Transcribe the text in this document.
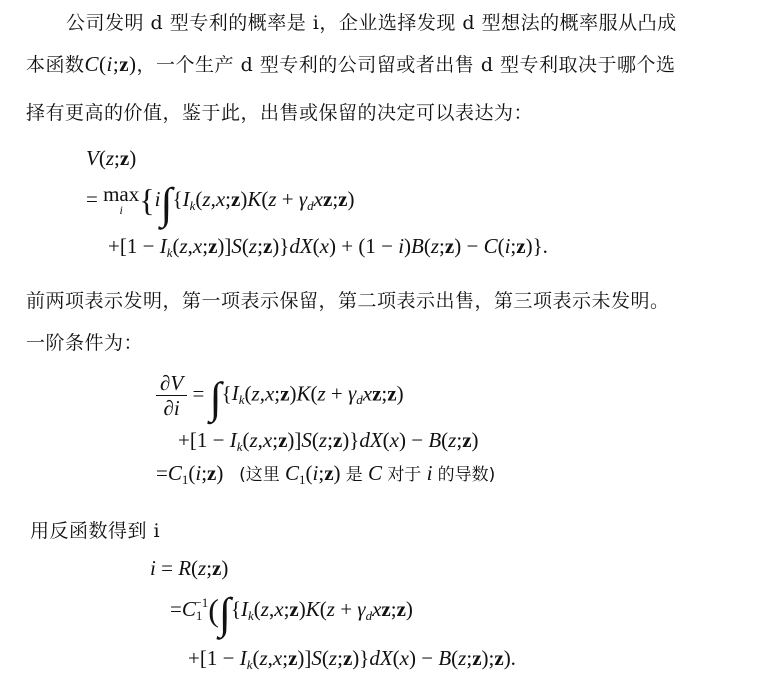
公司发明 d 型专利的概率是 i，企业选择发现 d 型想法的概率服从凸成
本函数C(i;z)，一个生产 d 型专利的公司留或者出售 d 型专利取决于哪个选
择有更高的价值，鉴于此，出售或保留的决定可以表达为：
V(z;z)
= max
i {$i\int\{I_k(z,x;z)K(z$ + $\gamma_dxz;z$)
$+[1 - I_k(z,x;z)]S(z;z)\}dX(x) + (1$ − i)B(z;z) − C(i;z)}.
前两项表示发明，第一项表示保留，第二项表示出售，第三项表示未发明。
一阶条件为：
$\frac{\partial V}{\partial i}$ = $\int\{I_k(z,x;z)K(z$ + $\gamma_dxz;z$)
$+[1 - I_k(z,x;z)]S(z;z)\}dX(x)$ − B(z;z)
$=C_1(i;z)$   (这里 $C_1(i;z)$ 是 C 对于 i 的导数)
用反函数得到 i
i = R(z;z)
$=C_1^{-1}(\int\{I_k(z,x;z)K(z$ + $\gamma_dxz;z$)
$+[1 - I_k(z,x;z)]S(z;z)\}dX(x)$ − B(z;z);z).
